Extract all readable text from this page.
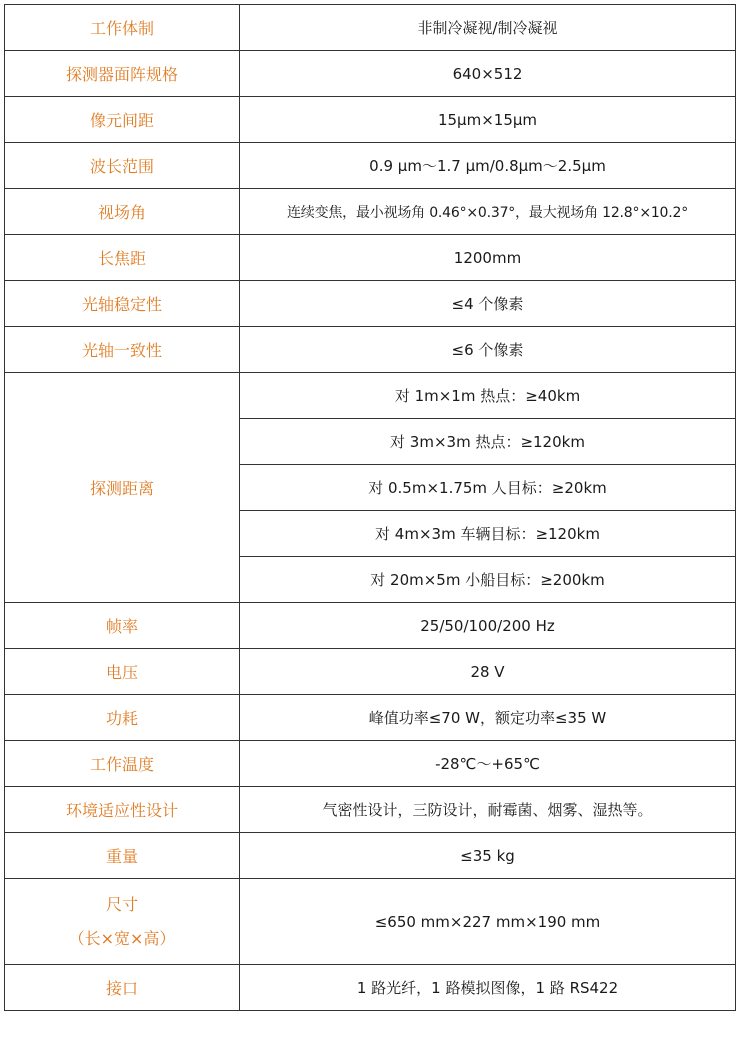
工作体制	非制冷凝视/制冷凝视
探测器面阵规格	640×512
像元间距	15μm×15μm
波长范围	0.9 μm～1.7 μm/0.8μm～2.5μm
视场角	连续变焦，最小视场角 0.46°×0.37°，最大视场角 12.8°×10.2°
长焦距	1200mm
光轴稳定性	≤4 个像素
光轴一致性	≤6 个像素
探测距离	对 1m×1m 热点：≥40km
	对 3m×3m 热点：≥120km
	对 0.5m×1.75m 人目标：≥20km
	对 4m×3m 车辆目标：≥120km
	对 20m×5m 小船目标：≥200km
帧率	25/50/100/200 Hz
电压	28 V
功耗	峰值功率≤70 W，额定功率≤35 W
工作温度	-28℃～+65℃
环境适应性设计	气密性设计，三防设计，耐霉菌、烟雾、湿热等。
重量	≤35 kg

尺寸
（长×宽×高）	≤650 mm×227 mm×190 mm
接口	1 路光纤，1 路模拟图像，1 路 RS422
